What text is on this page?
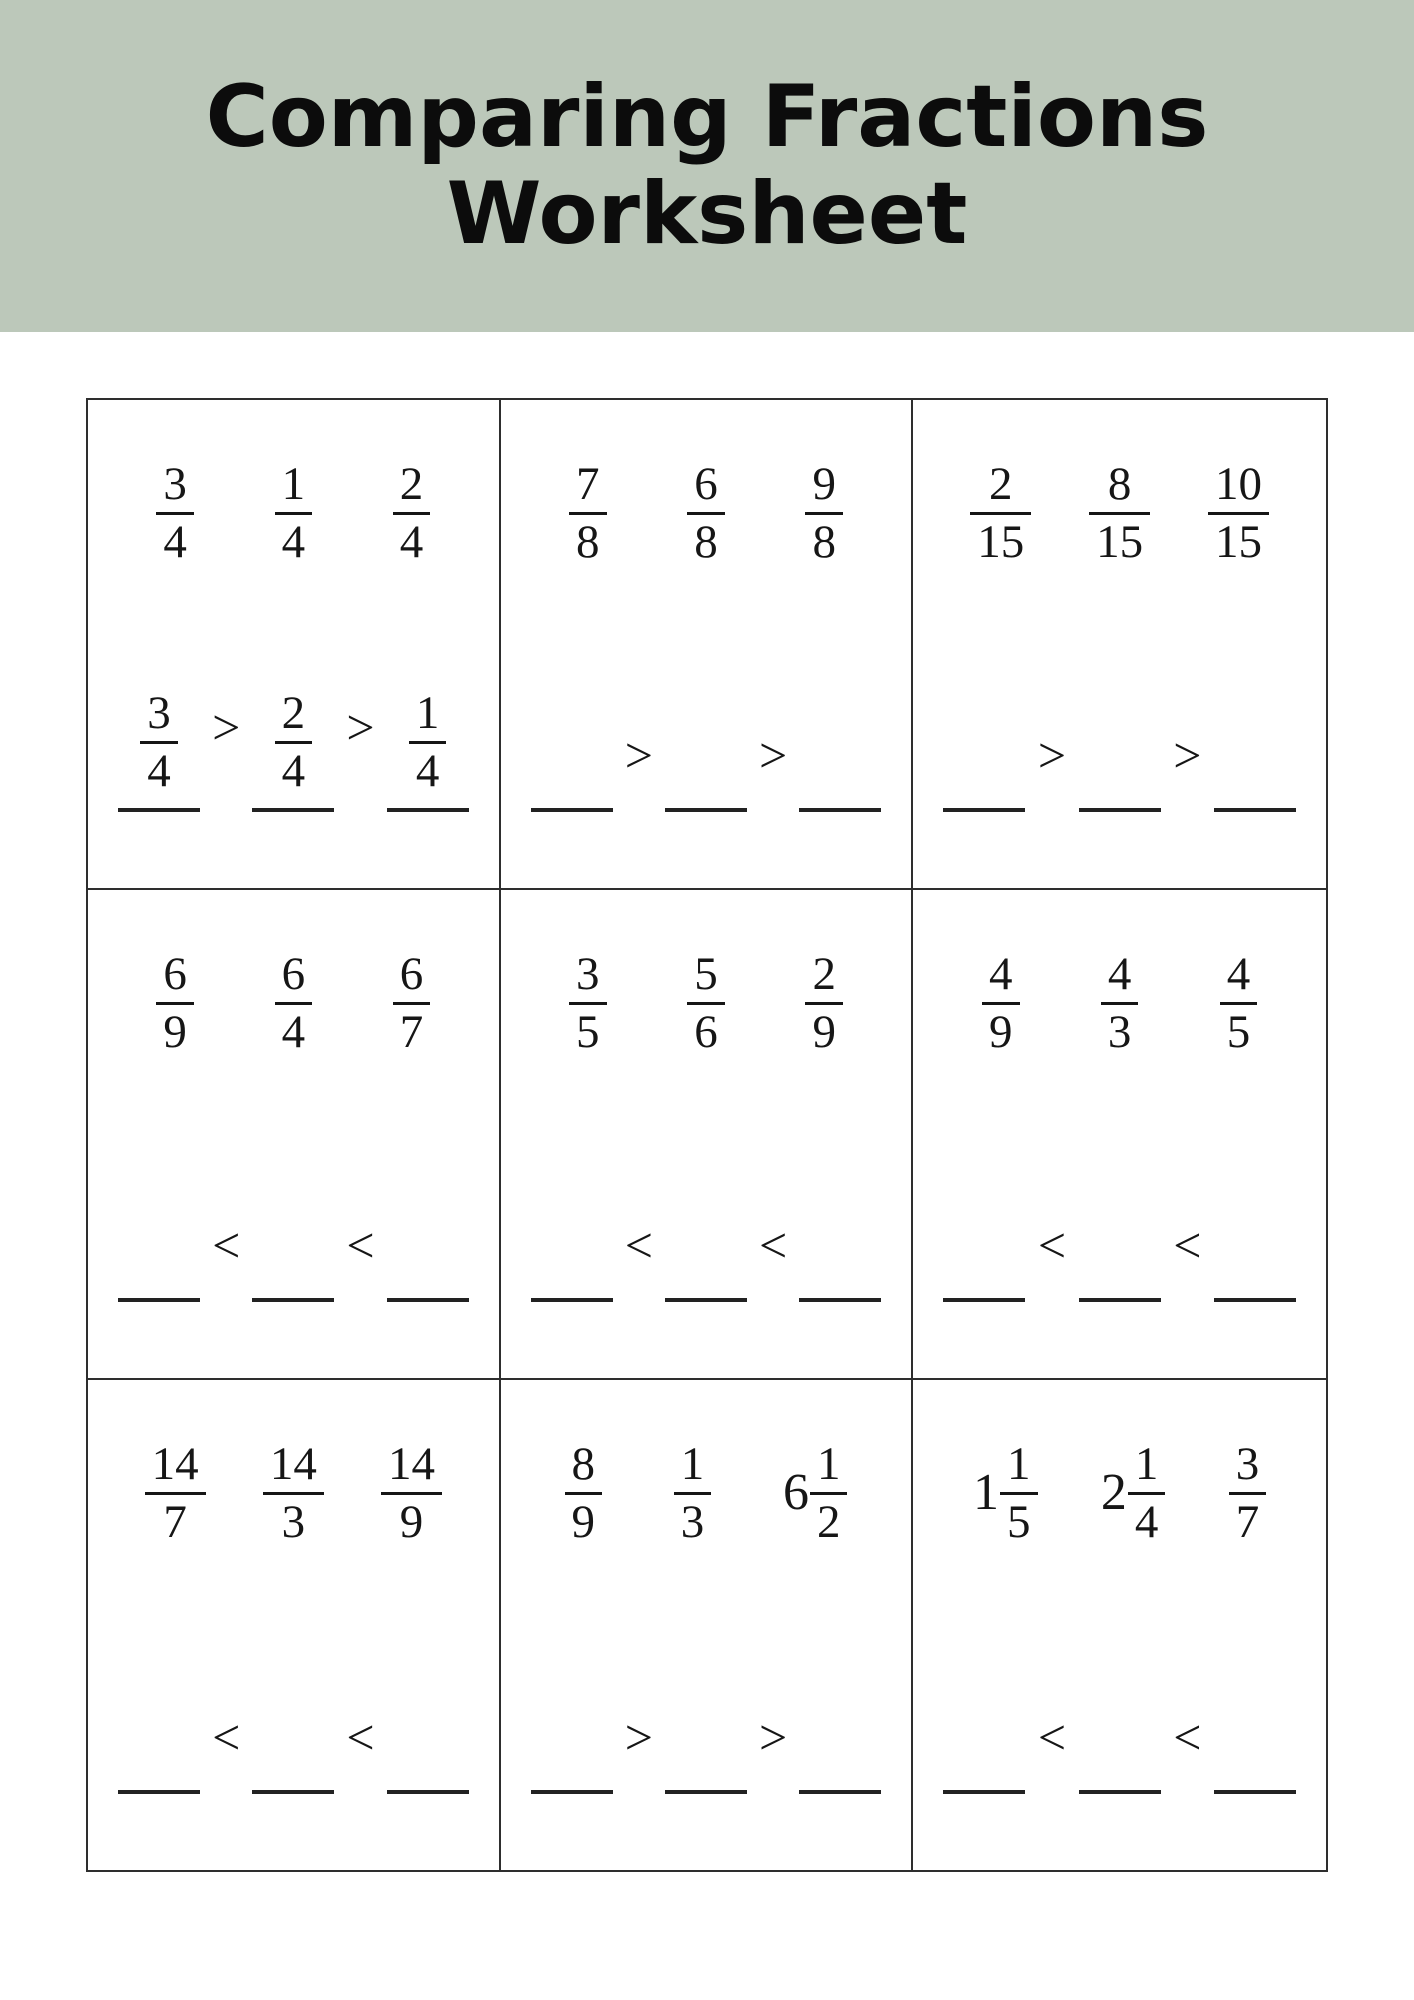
Comparing Fractions
Worksheet
$\frac{3}{4} \frac{1}{4} \frac{2}{4}$
$\frac{3}{4} > \frac{2}{4} > \frac{1}{4}$
$\frac{7}{8} \frac{6}{8} \frac{9}{8}$
> >
$\frac{2}{15} \frac{8}{15} \frac{10}{15}$
> >
$\frac{6}{9} \frac{6}{4} \frac{6}{7}$
< <
$\frac{3}{5} \frac{5}{6} \frac{2}{9}$
< <
$\frac{4}{9} \frac{4}{3} \frac{4}{5}$
< <
$\frac{14}{7} \frac{14}{3} \frac{14}{9}$
< <
$\frac{8}{9} \frac{1}{3} 6 \frac{1}{2}$
> >
$1 \frac{1}{5} 2 \frac{1}{4} \frac{3}{7}$
< <
